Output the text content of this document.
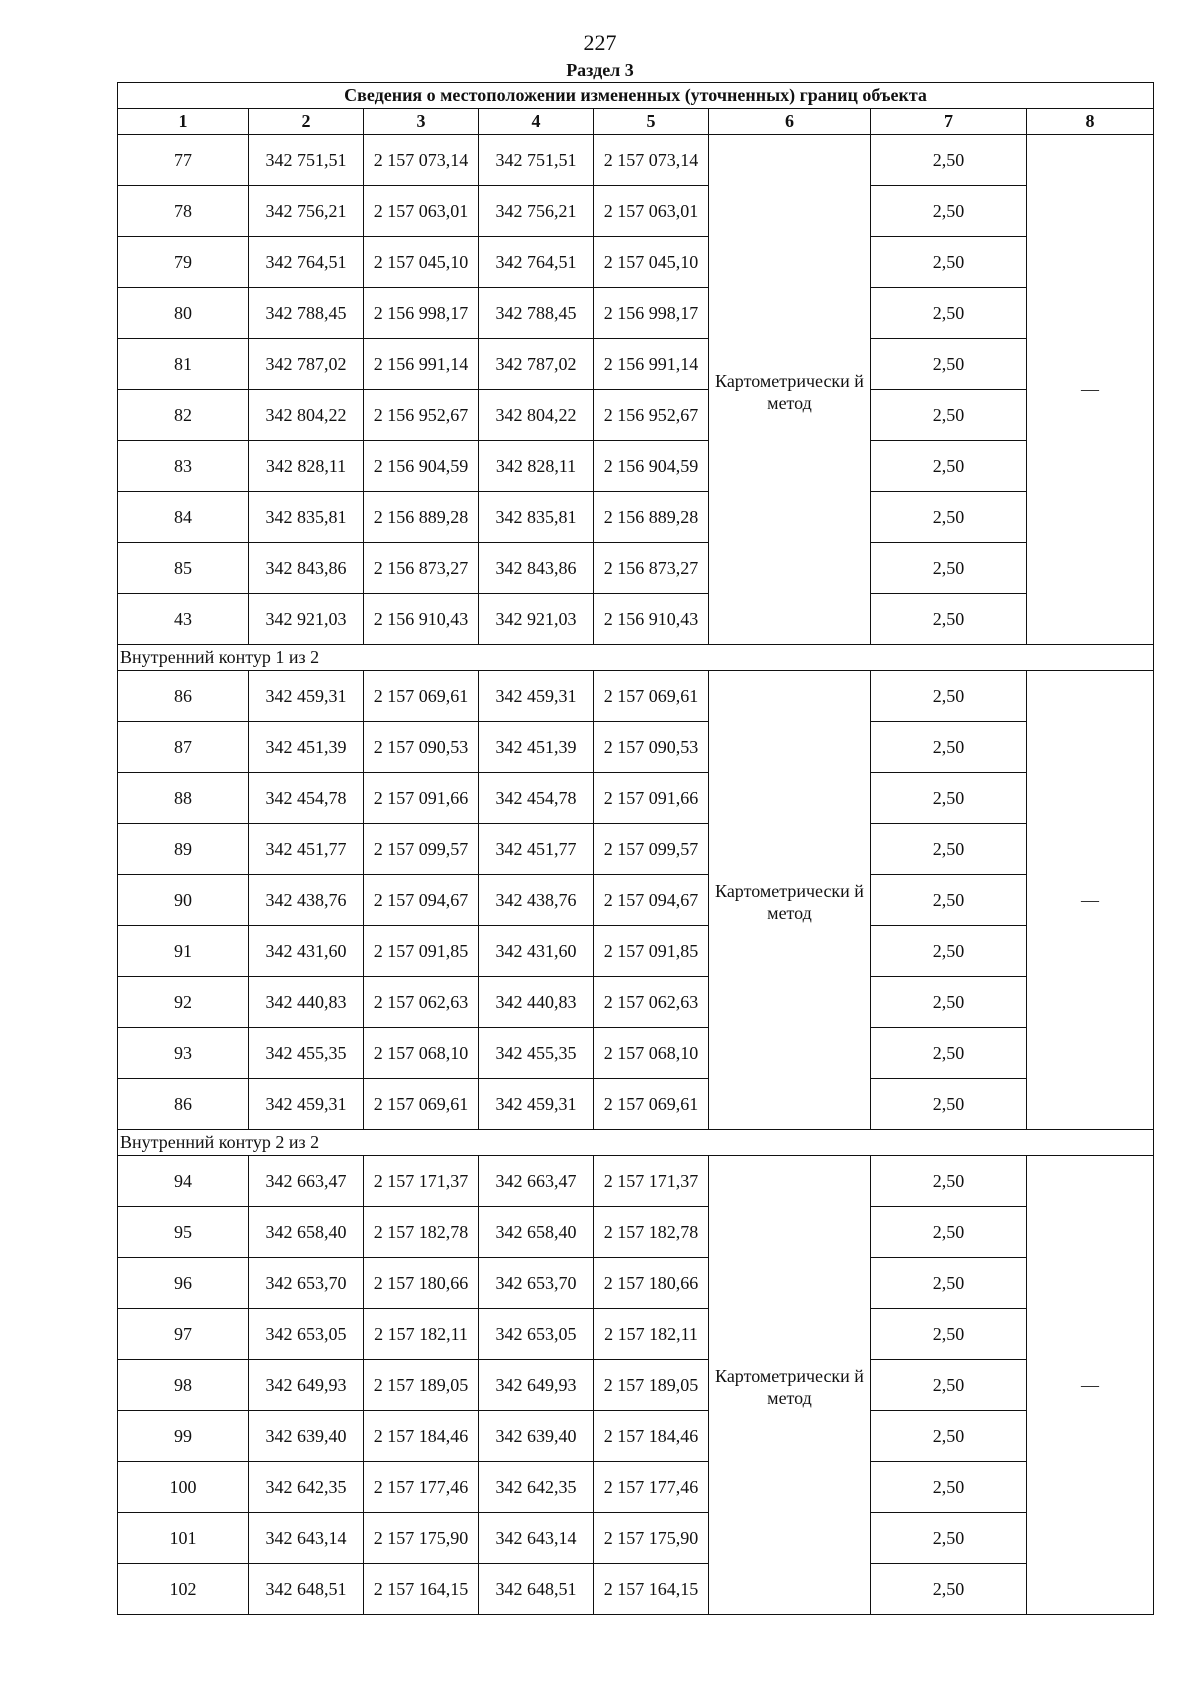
227
Раздел 3
Сведения о местоположении измененных (уточненных) границ объекта							
1	2	3	4	5	6	7	8
77	342 751,51	2 157 073,14	342 751,51	2 157 073,14	Картометрически й метод	2,50	—
78	342 756,21	2 157 063,01	342 756,21	2 157 063,01		2,50	
79	342 764,51	2 157 045,10	342 764,51	2 157 045,10		2,50	
80	342 788,45	2 156 998,17	342 788,45	2 156 998,17		2,50	
81	342 787,02	2 156 991,14	342 787,02	2 156 991,14		2,50	
82	342 804,22	2 156 952,67	342 804,22	2 156 952,67		2,50	
83	342 828,11	2 156 904,59	342 828,11	2 156 904,59		2,50	
84	342 835,81	2 156 889,28	342 835,81	2 156 889,28		2,50	
85	342 843,86	2 156 873,27	342 843,86	2 156 873,27		2,50	
43	342 921,03	2 156 910,43	342 921,03	2 156 910,43		2,50	
Внутренний контур 1 из 2							
86	342 459,31	2 157 069,61	342 459,31	2 157 069,61	Картометрически й метод	2,50	—
87	342 451,39	2 157 090,53	342 451,39	2 157 090,53		2,50	
88	342 454,78	2 157 091,66	342 454,78	2 157 091,66		2,50	
89	342 451,77	2 157 099,57	342 451,77	2 157 099,57		2,50	
90	342 438,76	2 157 094,67	342 438,76	2 157 094,67		2,50	
91	342 431,60	2 157 091,85	342 431,60	2 157 091,85		2,50	
92	342 440,83	2 157 062,63	342 440,83	2 157 062,63		2,50	
93	342 455,35	2 157 068,10	342 455,35	2 157 068,10		2,50	
86	342 459,31	2 157 069,61	342 459,31	2 157 069,61		2,50	
Внутренний контур 2 из 2							
94	342 663,47	2 157 171,37	342 663,47	2 157 171,37	Картометрически й метод	2,50	—
95	342 658,40	2 157 182,78	342 658,40	2 157 182,78		2,50	
96	342 653,70	2 157 180,66	342 653,70	2 157 180,66		2,50	
97	342 653,05	2 157 182,11	342 653,05	2 157 182,11		2,50	
98	342 649,93	2 157 189,05	342 649,93	2 157 189,05		2,50	
99	342 639,40	2 157 184,46	342 639,40	2 157 184,46		2,50	
100	342 642,35	2 157 177,46	342 642,35	2 157 177,46		2,50	
101	342 643,14	2 157 175,90	342 643,14	2 157 175,90		2,50	
102	342 648,51	2 157 164,15	342 648,51	2 157 164,15		2,50	
